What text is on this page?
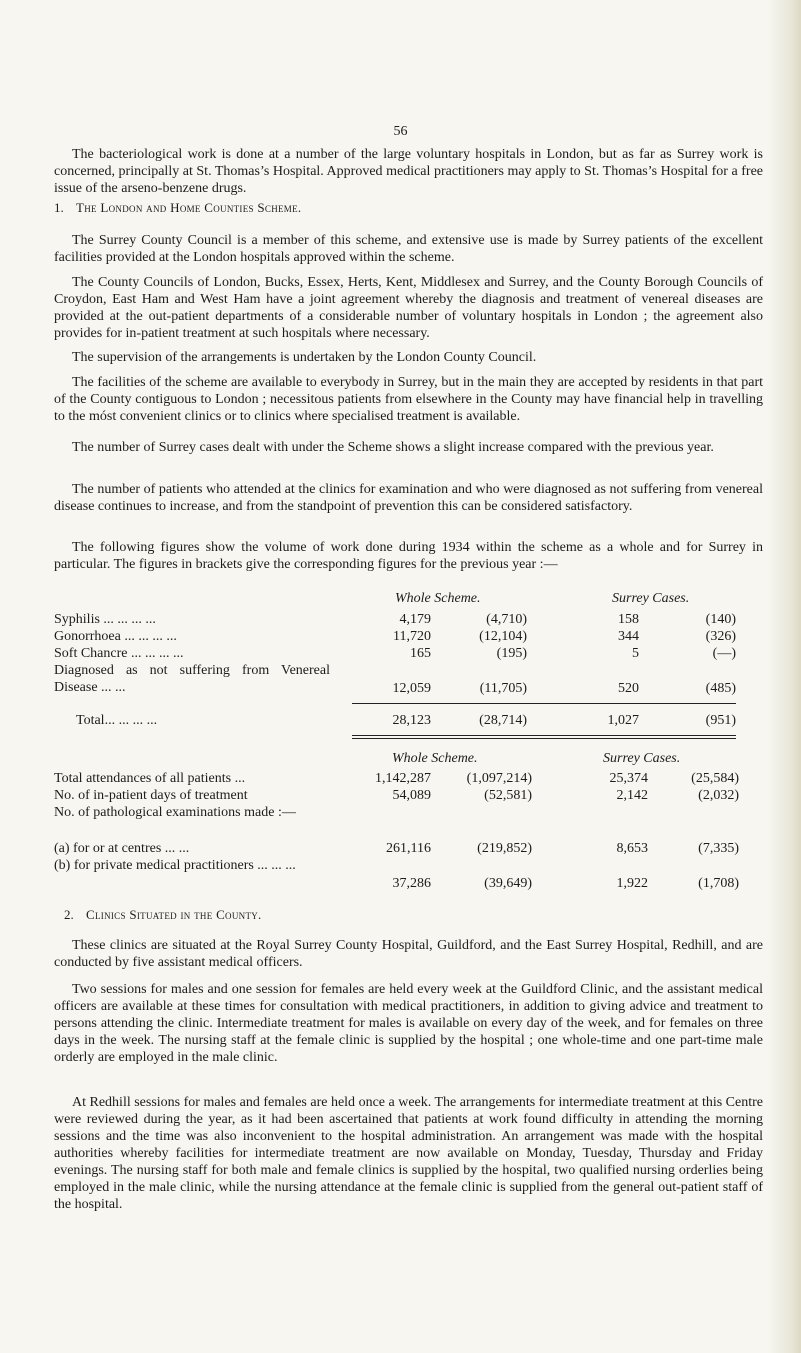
56

The bacteriological work is done at a number of the large voluntary hospitals in London, but as far as Surrey work is concerned, principally at St. Thomas’s Hospital. Approved medical practitioners may apply to St. Thomas’s Hospital for a free issue of the arseno-benzene drugs.

1. The London and Home Counties Scheme.

The Surrey County Council is a member of this scheme, and extensive use is made by Surrey patients of the excellent facilities provided at the London hospitals approved within the scheme.

The County Councils of London, Bucks, Essex, Herts, Kent, Middlesex and Surrey, and the County Borough Councils of Croydon, East Ham and West Ham have a joint agreement whereby the diagnosis and treatment of venereal diseases are provided at the out-patient departments of a considerable number of voluntary hospitals in London ; the agreement also provides for in-patient treatment at such hospitals where necessary.

The supervision of the arrangements is undertaken by the London County Council.

The facilities of the scheme are available to everybody in Surrey, but in the main they are accepted by residents in that part of the County contiguous to London ; necessitous patients from elsewhere in the County may have financial help in travelling to the móst convenient clinics or to clinics where specialised treatment is available.

The number of Surrey cases dealt with under the Scheme shows a slight increase compared with the previous year.

The number of patients who attended at the clinics for examination and who were diagnosed as not suffering from venereal disease continues to increase, and from the standpoint of prevention this can be considered satisfactory.

The following figures show the volume of work done during 1934 within the scheme as a whole and for Surrey in particular. The figures in brackets give the corresponding figures for the previous year :—

Whole Scheme.	Surrey Cases.
Syphilis ... ... ... ...	4,179	(4,710)	158	(140)
Gonorrhoea ... ... ... ...	11,720	(12,104)	344	(326)
Soft Chancre ... ... ... ...	165	(195)	5	(—)
Diagnosed as not suffering from Venereal Disease ... ...	12,059	(11,705)	520	(485)
Total... ... ... ...	28,123	(28,714)	1,027	(951)
Whole Scheme.	Surrey Cases.
Total attendances of all patients ...	1,142,287	(1,097,214)	25,374	(25,584)
No. of in-patient days of treatment	54,089	(52,581)	2,142	(2,032)
No. of pathological examinations made :—
(a) for or at centres ... ...	261,116	(219,852)	8,653	(7,335)
(b) for private medical practitioners ... ... ...
37,286	(39,649)	1,922	(1,708)
2. Clinics Situated in the County.

These clinics are situated at the Royal Surrey County Hospital, Guildford, and the East Surrey Hospital, Redhill, and are conducted by five assistant medical officers.

Two sessions for males and one session for females are held every week at the Guildford Clinic, and the assistant medical officers are available at these times for consultation with medical practitioners, in addition to giving advice and treatment to persons attending the clinic. Intermediate treatment for males is available on every day of the week, and for females on three days in the week. The nursing staff at the female clinic is supplied by the hospital ; one whole-time and one part-time male orderly are employed in the male clinic.

At Redhill sessions for males and females are held once a week. The arrangements for intermediate treatment at this Centre were reviewed during the year, as it had been ascertained that patients at work found difficulty in attending the morning sessions and the time was also inconvenient to the hospital administration. An arrangement was made with the hospital authorities whereby facilities for intermediate treatment are now available on Monday, Tuesday, Thursday and Friday evenings. The nursing staff for both male and female clinics is supplied by the hospital, two qualified nursing orderlies being employed in the male clinic, while the nursing attendance at the female clinic is supplied from the general out-patient staff of the hospital.
